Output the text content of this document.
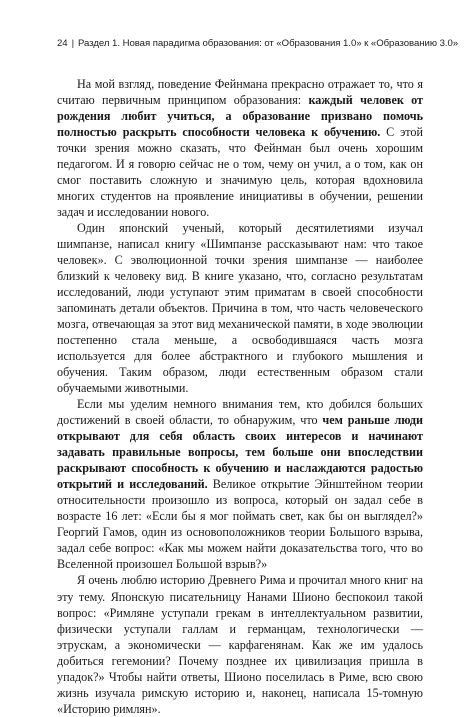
24 | Раздел 1. Новая парадигма образования: от «Образования 1.0» к «Образованию 3.0»

На мой взгляд, поведение Фейнмана прекрасно отражает то, что я считаю первичным принципом образования: каждый человек от рождения любит учиться, а образование призвано помочь полностью раскрыть способности человека к обучению. С этой точки зрения можно сказать, что Фейнман был очень хорошим педагогом. И я говорю сейчас не о том, чему он учил, а о том, как он смог поставить сложную и значимую цель, которая вдохновила многих студентов на проявление инициативы в обучении, решении задач и исследовании нового.

Один японский ученый, который десятилетиями изучал шимпанзе, написал книгу «Шимпанзе рассказывают нам: что такое человек». С эволюционной точки зрения шимпанзе — наиболее близкий к человеку вид. В книге указано, что, согласно результатам исследований, люди уступают этим приматам в своей способности запоминать детали объектов. Причина в том, что часть человеческого мозга, отвечающая за этот вид механической памяти, в ходе эволюции постепенно стала меньше, а освободившаяся часть мозга используется для более абстрактного и глубокого мышления и обучения. Таким образом, люди естественным образом стали обучаемыми животными.

Если мы уделим немного внимания тем, кто добился больших достижений в своей области, то обнаружим, что чем раньше люди открывают для себя область своих интересов и начинают задавать правильные вопросы, тем больше они впоследствии раскрывают способность к обучению и наслаждаются радостью открытий и исследований. Великое открытие Эйнштейном теории относительности произошло из вопроса, который он задал себе в возрасте 16 лет: «Если бы я мог поймать свет, как бы он выглядел?» Георгий Гамов, один из основоположников теории Большого взрыва, задал себе вопрос: «Как мы можем найти доказательства того, что во Вселенной произошел Большой взрыв?»

Я очень люблю историю Древнего Рима и прочитал много книг на эту тему. Японскую писательницу Нанами Шионо беспокоил такой вопрос: «Римляне уступали грекам в интеллектуальном развитии, физически уступали галлам и германцам, технологически — этрускам, а экономически — карфагенянам. Как же им удалось добиться гегемонии? Почему позднее их цивилизация пришла в упадок?» Чтобы найти ответы, Шионо поселилась в Риме, всю свою жизнь изучала римскую историю и, наконец, написала 15-томную «Историю римлян».
